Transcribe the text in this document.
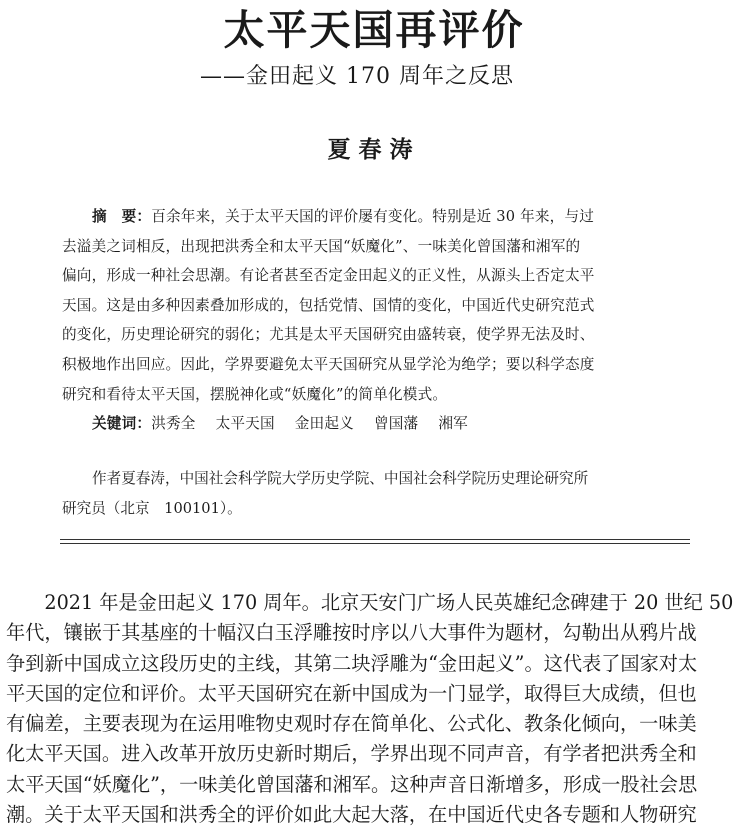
太平天国再评价

——金田起义 170 周年之反思

夏春涛

摘　要：百余年来，关于太平天国的评价屡有变化。特别是近 30 年来，与过
去溢美之词相反，出现把洪秀全和太平天国“妖魔化”、一味美化曾国藩和湘军的
偏向，形成一种社会思潮。有论者甚至否定金田起义的正义性，从源头上否定太平
天国。这是由多种因素叠加形成的，包括党情、国情的变化，中国近代史研究范式
的变化，历史理论研究的弱化；尤其是太平天国研究由盛转衰，使学界无法及时、
积极地作出回应。因此，学界要避免太平天国研究从显学沦为绝学；要以科学态度
研究和看待太平天国，摆脱神化或“妖魔化”的简单化模式。
关键词：洪秀全 太平天国 金田起义 曾国藩 湘军
作者夏春涛，中国社会科学院大学历史学院、中国社会科学院历史理论研究所
研究员（北京　100101）。
　　2021 年是金田起义 170 周年。北京天安门广场人民英雄纪念碑建于 20 世纪 50
年代，镶嵌于其基座的十幅汉白玉浮雕按时序以八大事件为题材，勾勒出从鸦片战
争到新中国成立这段历史的主线，其第二块浮雕为“金田起义”。这代表了国家对太
平天国的定位和评价。太平天国研究在新中国成为一门显学，取得巨大成绩，但也
有偏差，主要表现为在运用唯物史观时存在简单化、公式化、教条化倾向，一味美
化太平天国。进入改革开放历史新时期后，学界出现不同声音，有学者把洪秀全和
太平天国“妖魔化”，一味美化曾国藩和湘军。这种声音日渐增多，形成一股社会思
潮。关于太平天国和洪秀全的评价如此大起大落，在中国近代史各专题和人物研究
